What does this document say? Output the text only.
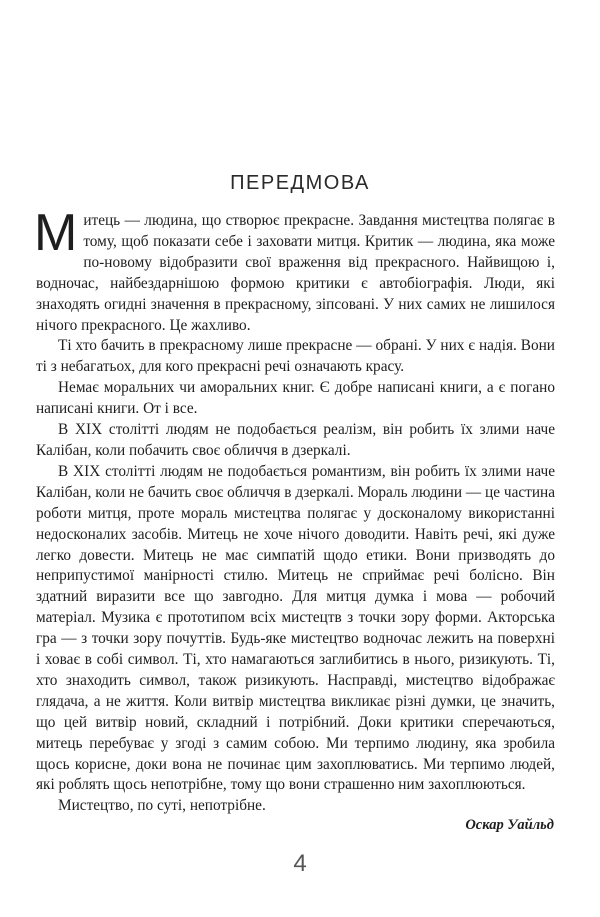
ПЕРЕДМОВА

Митець — людина, що створює прекрасне. Завдання мистецтва полягає в тому, щоб показати себе і заховати митця. Критик — людина, яка може по-новому відобразити свої враження від прекрасного. Найвищою і, водночас, найбездарнішою формою критики є автобіографія. Люди, які знаходять огидні значення в прекрасному, зіпсовані. У них самих не лишилося нічого прекрасного. Це жахливо.

Ті хто бачить в прекрасному лише прекрасне — обрані. У них є надія. Вони ті з небагатьох, для кого прекрасні речі означають красу.

Немає моральних чи аморальних книг. Є добре написані книги, а є погано написані книги. От і все.

В XIX столітті людям не подобається реалізм, він робить їх злими наче Калібан, коли побачить своє обличчя в дзеркалі.

В XIX столітті людям не подобається романтизм, він робить їх злими наче Калібан, коли не бачить своє обличчя в дзеркалі. Мораль людини — це частина роботи митця, проте мораль мистецтва полягає у досконалому використанні недосконалих засобів. Митець не хоче нічого доводити. Навіть речі, які дуже легко довести. Митець не має симпатій щодо етики. Вони призводять до неприпустимої манірності стилю. Митець не сприймає речі болісно. Він здатний виразити все що завгодно. Для митця думка і мова — робочий матеріал. Музика є прототипом всіх мистецтв з точки зору форми. Акторська гра — з точки зору почуттів. Будь-яке мистецтво водночас лежить на поверхні і ховає в собі символ. Ті, хто намагаються заглибитись в нього, ризикують. Ті, хто знаходить символ, також ризикують. Насправді, мистецтво відображає глядача, а не життя. Коли витвір мистецтва викликає різні думки, це значить, що цей витвір новий, складний і потрібний. Доки критики сперечаються, митець перебуває у згоді з самим собою. Ми терпимо людину, яка зробила щось корисне, доки вона не починає цим захоплюватись. Ми терпимо людей, які роблять щось непотрібне, тому що вони страшенно ним захоплюються.

Мистецтво, по суті, непотрібне.

Оскар Уайльд
4
